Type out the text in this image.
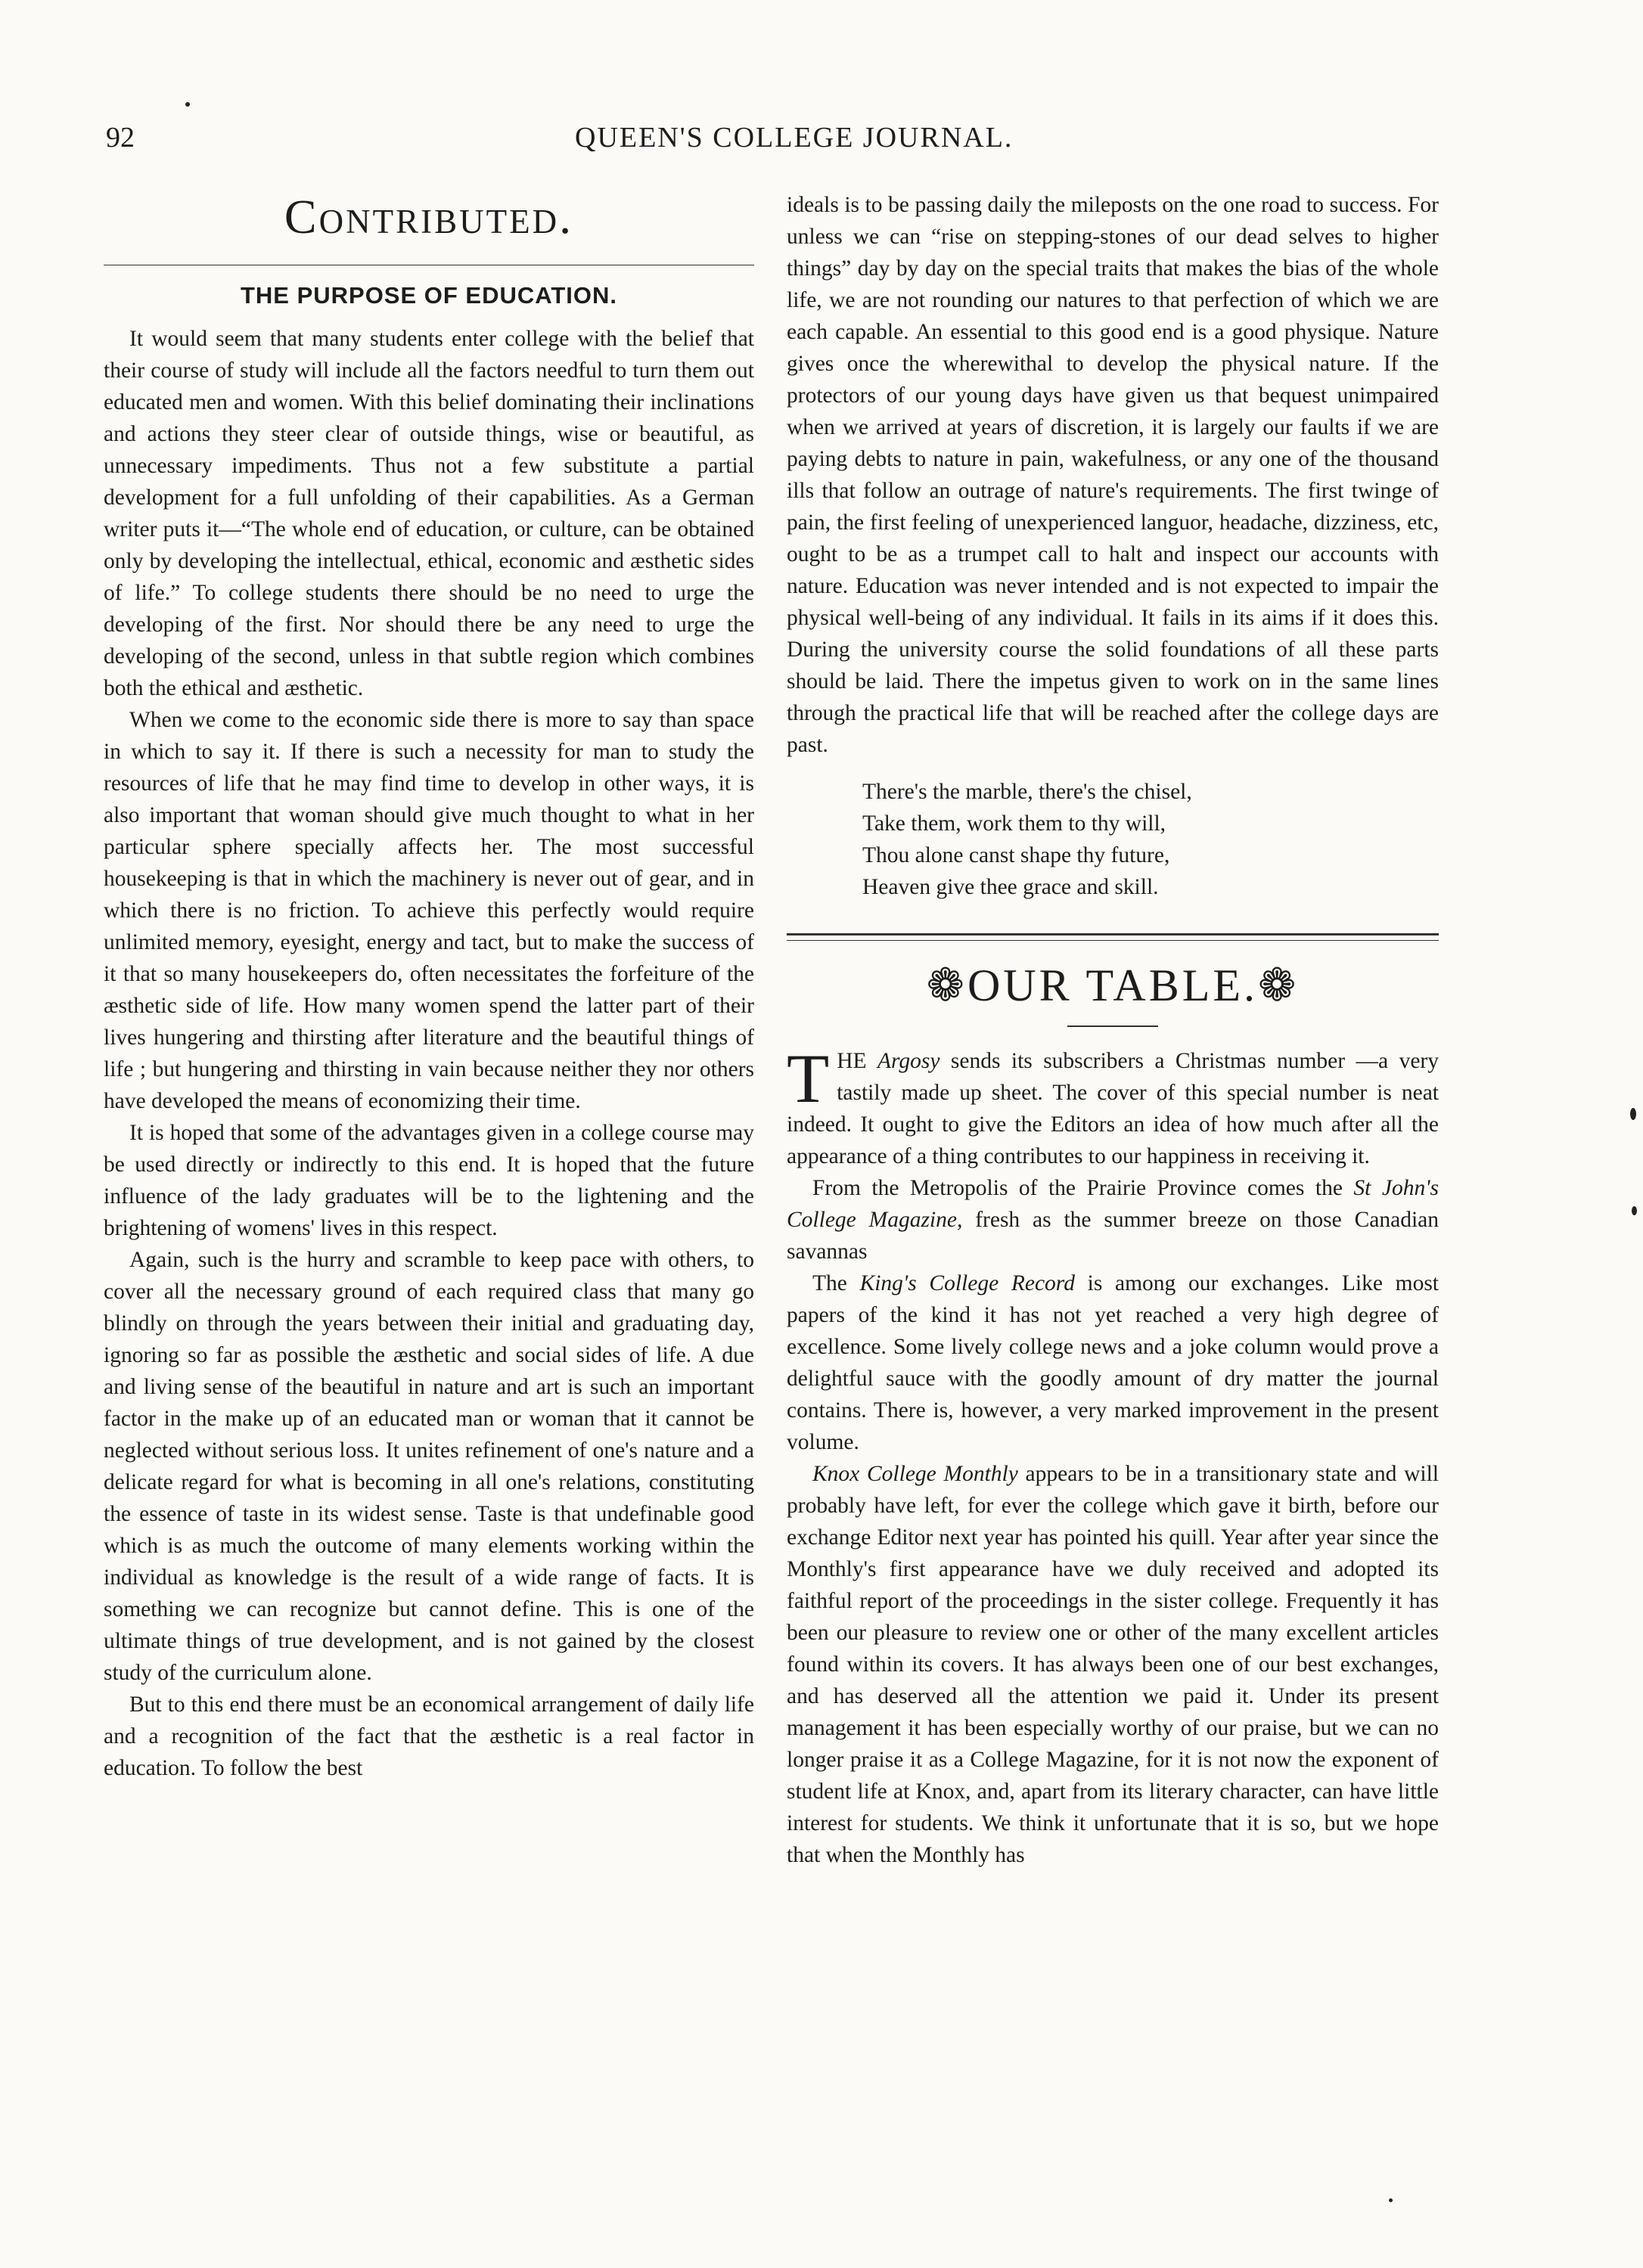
92	QUEEN'S COLLEGE JOURNAL.
Contributed.
THE PURPOSE OF EDUCATION.

It would seem that many students enter college with the belief that their course of study will include all the factors needful to turn them out educated men and women. With this belief dominating their inclinations and actions they steer clear of outside things, wise or beautiful, as unnecessary impediments. Thus not a few substitute a partial development for a full unfolding of their capabilities. As a German writer puts it—“The whole end of education, or culture, can be obtained only by developing the intellectual, ethical, economic and æsthetic sides of life.” To college students there should be no need to urge the developing of the first. Nor should there be any need to urge the developing of the second, unless in that subtle region which combines both the ethical and æsthetic.

When we come to the economic side there is more to say than space in which to say it. If there is such a necessity for man to study the resources of life that he may find time to develop in other ways, it is also important that woman should give much thought to what in her particular sphere specially affects her. The most successful housekeeping is that in which the machinery is never out of gear, and in which there is no friction. To achieve this perfectly would require unlimited memory, eyesight, energy and tact, but to make the success of it that so many housekeepers do, often necessitates the forfeiture of the æsthetic side of life. How many women spend the latter part of their lives hungering and thirsting after literature and the beautiful things of life ; but hungering and thirsting in vain because neither they nor others have developed the means of economizing their time.

It is hoped that some of the advantages given in a college course may be used directly or indirectly to this end. It is hoped that the future influence of the lady graduates will be to the lightening and the brightening of womens' lives in this respect.

Again, such is the hurry and scramble to keep pace with others, to cover all the necessary ground of each required class that many go blindly on through the years between their initial and graduating day, ignoring so far as possible the æsthetic and social sides of life. A due and living sense of the beautiful in nature and art is such an important factor in the make up of an educated man or woman that it cannot be neglected without serious loss. It unites refinement of one's nature and a delicate regard for what is becoming in all one's relations, constituting the essence of taste in its widest sense. Taste is that undefinable good which is as much the outcome of many elements working within the individual as knowledge is the result of a wide range of facts. It is something we can recognize but cannot define. This is one of the ultimate things of true development, and is not gained by the closest study of the curriculum alone.

But to this end there must be an economical arrangement of daily life and a recognition of the fact that the æsthetic is a real factor in education. To follow the best

ideals is to be passing daily the mileposts on the one road to success. For unless we can “rise on stepping-stones of our dead selves to higher things” day by day on the special traits that makes the bias of the whole life, we are not rounding our natures to that perfection of which we are each capable. An essential to this good end is a good physique. Nature gives once the wherewithal to develop the physical nature. If the protectors of our young days have given us that bequest unimpaired when we arrived at years of discretion, it is largely our faults if we are paying debts to nature in pain, wakefulness, or any one of the thousand ills that follow an outrage of nature's requirements. The first twinge of pain, the first feeling of unexperienced languor, headache, dizziness, etc, ought to be as a trumpet call to halt and inspect our accounts with nature. Education was never intended and is not expected to impair the physical well-being of any individual. It fails in its aims if it does this. During the university course the solid foundations of all these parts should be laid. There the impetus given to work on in the same lines through the practical life that will be reached after the college days are past.

There's the marble, there's the chisel,
Take them, work them to thy will,
Thou alone canst shape thy future,
Heaven give thee grace and skill.
❁OUR TABLE.❁

THE Argosy sends its subscribers a Christmas number —a very tastily made up sheet. The cover of this special number is neat indeed. It ought to give the Editors an idea of how much after all the appearance of a thing contributes to our happiness in receiving it.

From the Metropolis of the Prairie Province comes the St John's College Magazine, fresh as the summer breeze on those Canadian savannas

The King's College Record is among our exchanges. Like most papers of the kind it has not yet reached a very high degree of excellence. Some lively college news and a joke column would prove a delightful sauce with the goodly amount of dry matter the journal contains. There is, however, a very marked improvement in the present volume.

Knox College Monthly appears to be in a transitionary state and will probably have left, for ever the college which gave it birth, before our exchange Editor next year has pointed his quill. Year after year since the Monthly's first appearance have we duly received and adopted its faithful report of the proceedings in the sister college. Frequently it has been our pleasure to review one or other of the many excellent articles found within its covers. It has always been one of our best exchanges, and has deserved all the attention we paid it. Under its present management it has been especially worthy of our praise, but we can no longer praise it as a College Magazine, for it is not now the exponent of student life at Knox, and, apart from its literary character, can have little interest for students. We think it unfortunate that it is so, but we hope that when the Monthly has
